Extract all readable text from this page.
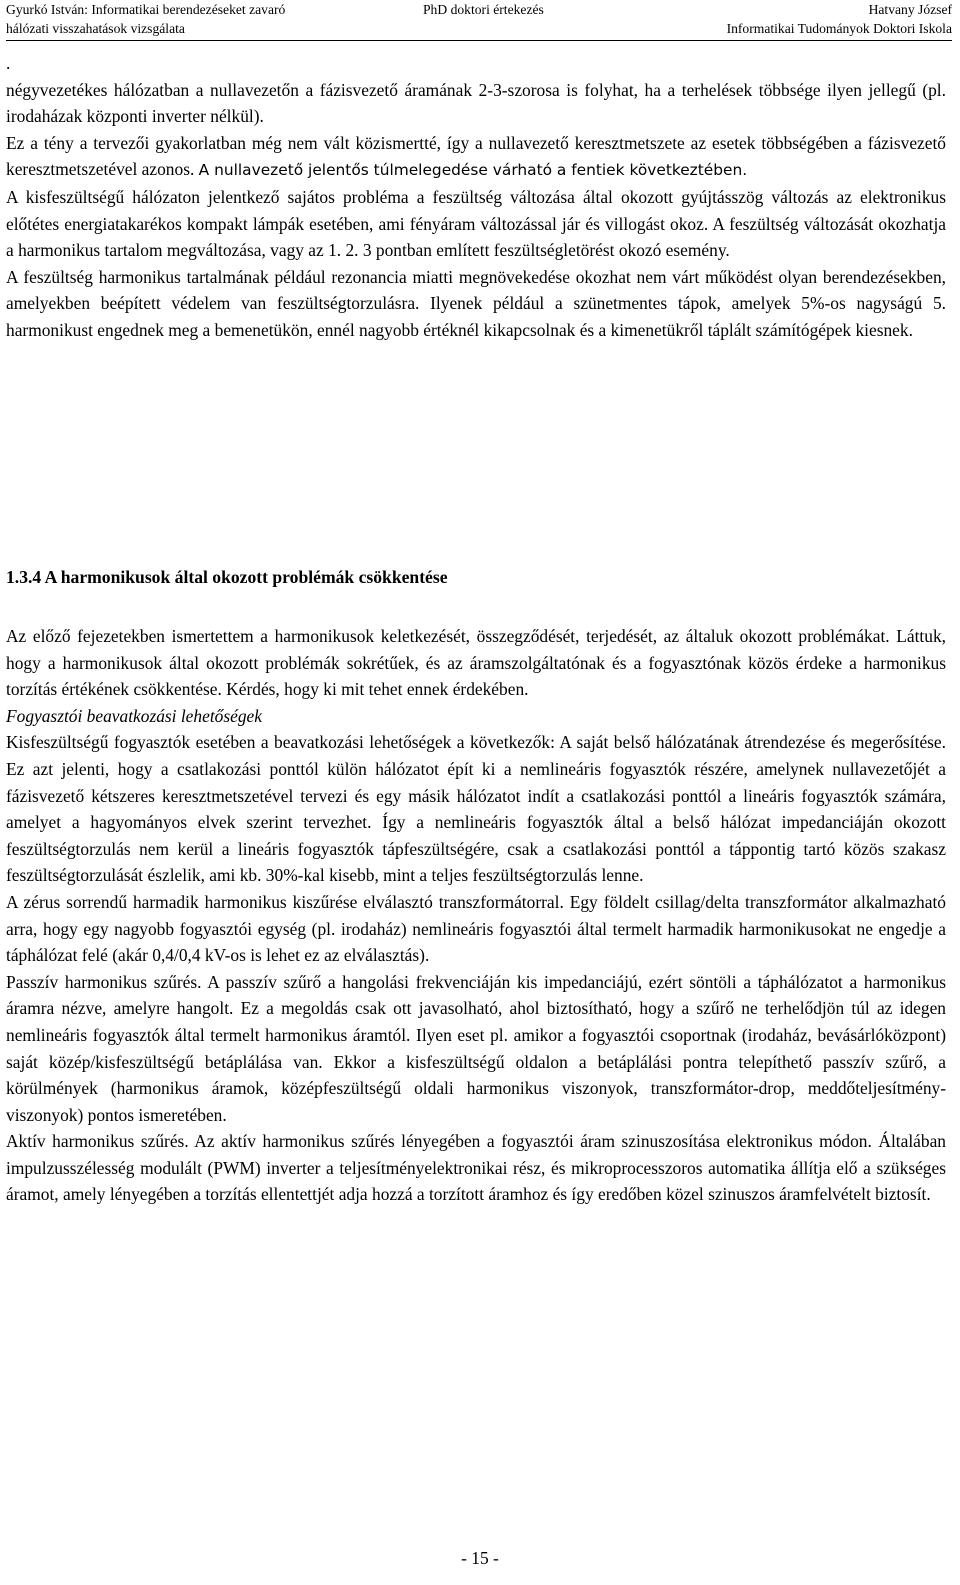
Gyurkó István: Informatikai berendezéseket zavaró
hálózati visszahatások vizsgálata
PhD doktori értekezés	Hatvany József
Informatikai Tudományok Doktori Iskola
.

négyvezetékes hálózatban a nullavezetőn a fázisvezető áramának 2-3-szorosa is folyhat, ha a terhelések többsége ilyen jellegű (pl. irodaházak központi inverter nélkül).

Ez a tény a tervezői gyakorlatban még nem vált közismertté, így a nullavezető keresztmetszete az esetek többségében a fázisvezető keresztmetszetével azonos. A nullavezető jelentős túlmelegedése várható a fentiek következtében.

A kisfeszültségű hálózaton jelentkező sajátos probléma a feszültség változása által okozott gyújtásszög változás az elektronikus előtétes energiatakarékos kompakt lámpák esetében, ami fényáram változással jár és villogást okoz. A feszültség változását okozhatja a harmonikus tartalom megváltozása, vagy az 1. 2. 3 pontban említett feszültségletörést okozó esemény.

A feszültség harmonikus tartalmának például rezonancia miatti megnövekedése okozhat nem várt működést olyan berendezésekben, amelyekben beépített védelem van feszültségtorzulásra. Ilyenek például a szünetmentes tápok, amelyek 5%-os nagyságú 5. harmonikust engednek meg a bemenetükön, ennél nagyobb értéknél kikapcsolnak és a kimenetükről táplált számítógépek kiesnek.

1.3.4 A harmonikusok által okozott problémák csökkentése

Az előző fejezetekben ismertettem a harmonikusok keletkezését, összegződését, terjedését, az általuk okozott problémákat. Láttuk, hogy a harmonikusok által okozott problémák sokrétűek, és az áramszolgáltatónak és a fogyasztónak közös érdeke a harmonikus torzítás értékének csökkentése. Kérdés, hogy ki mit tehet ennek érdekében.

Fogyasztói beavatkozási lehetőségek

Kisfeszültségű fogyasztók esetében a beavatkozási lehetőségek a következők: A saját belső hálózatának átrendezése és megerősítése. Ez azt jelenti, hogy a csatlakozási ponttól külön hálózatot épít ki a nemlineáris fogyasztók részére, amelynek nullavezetőjét a fázisvezető kétszeres keresztmetszetével tervezi és egy másik hálózatot indít a csatlakozási ponttól a lineáris fogyasztók számára, amelyet a hagyományos elvek szerint tervezhet. Így a nemlineáris fogyasztók által a belső hálózat impedanciáján okozott feszültségtorzulás nem kerül a lineáris fogyasztók tápfeszültségére, csak a csatlakozási ponttól a táppontig tartó közös szakasz feszültségtorzulását észlelik, ami kb. 30%-kal kisebb, mint a teljes feszültségtorzulás lenne.

A zérus sorrendű harmadik harmonikus kiszűrése elválasztó transzformátorral. Egy földelt csillag/delta transzformátor alkalmazható arra, hogy egy nagyobb fogyasztói egység (pl. irodaház) nemlineáris fogyasztói által termelt harmadik harmonikusokat ne engedje a táphálózat felé (akár 0,4/0,4 kV-os is lehet ez az elválasztás).

Passzív harmonikus szűrés. A passzív szűrő a hangolási frekvenciáján kis impedanciájú, ezért söntöli a táphálózatot a harmonikus áramra nézve, amelyre hangolt. Ez a megoldás csak ott javasolható, ahol biztosítható, hogy a szűrő ne terhelődjön túl az idegen nemlineáris fogyasztók által termelt harmonikus áramtól. Ilyen eset pl. amikor a fogyasztói csoportnak (irodaház, bevásárlóközpont) saját közép/kisfeszültségű betáplálása van. Ekkor a kisfeszültségű oldalon a betáplálási pontra telepíthető passzív szűrő, a körülmények (harmonikus áramok, középfeszültségű oldali harmonikus viszonyok, transzformátor-drop, meddőteljesítmény-viszonyok) pontos ismeretében.

Aktív harmonikus szűrés. Az aktív harmonikus szűrés lényegében a fogyasztói áram szinuszosítása elektronikus módon. Általában impulzusszélesség modulált (PWM) inverter a teljesítményelektronikai rész, és mikroprocesszoros automatika állítja elő a szükséges áramot, amely lényegében a torzítás ellentettjét adja hozzá a torzított áramhoz és így eredőben közel szinuszos áramfelvételt biztosít.

- 15 -
